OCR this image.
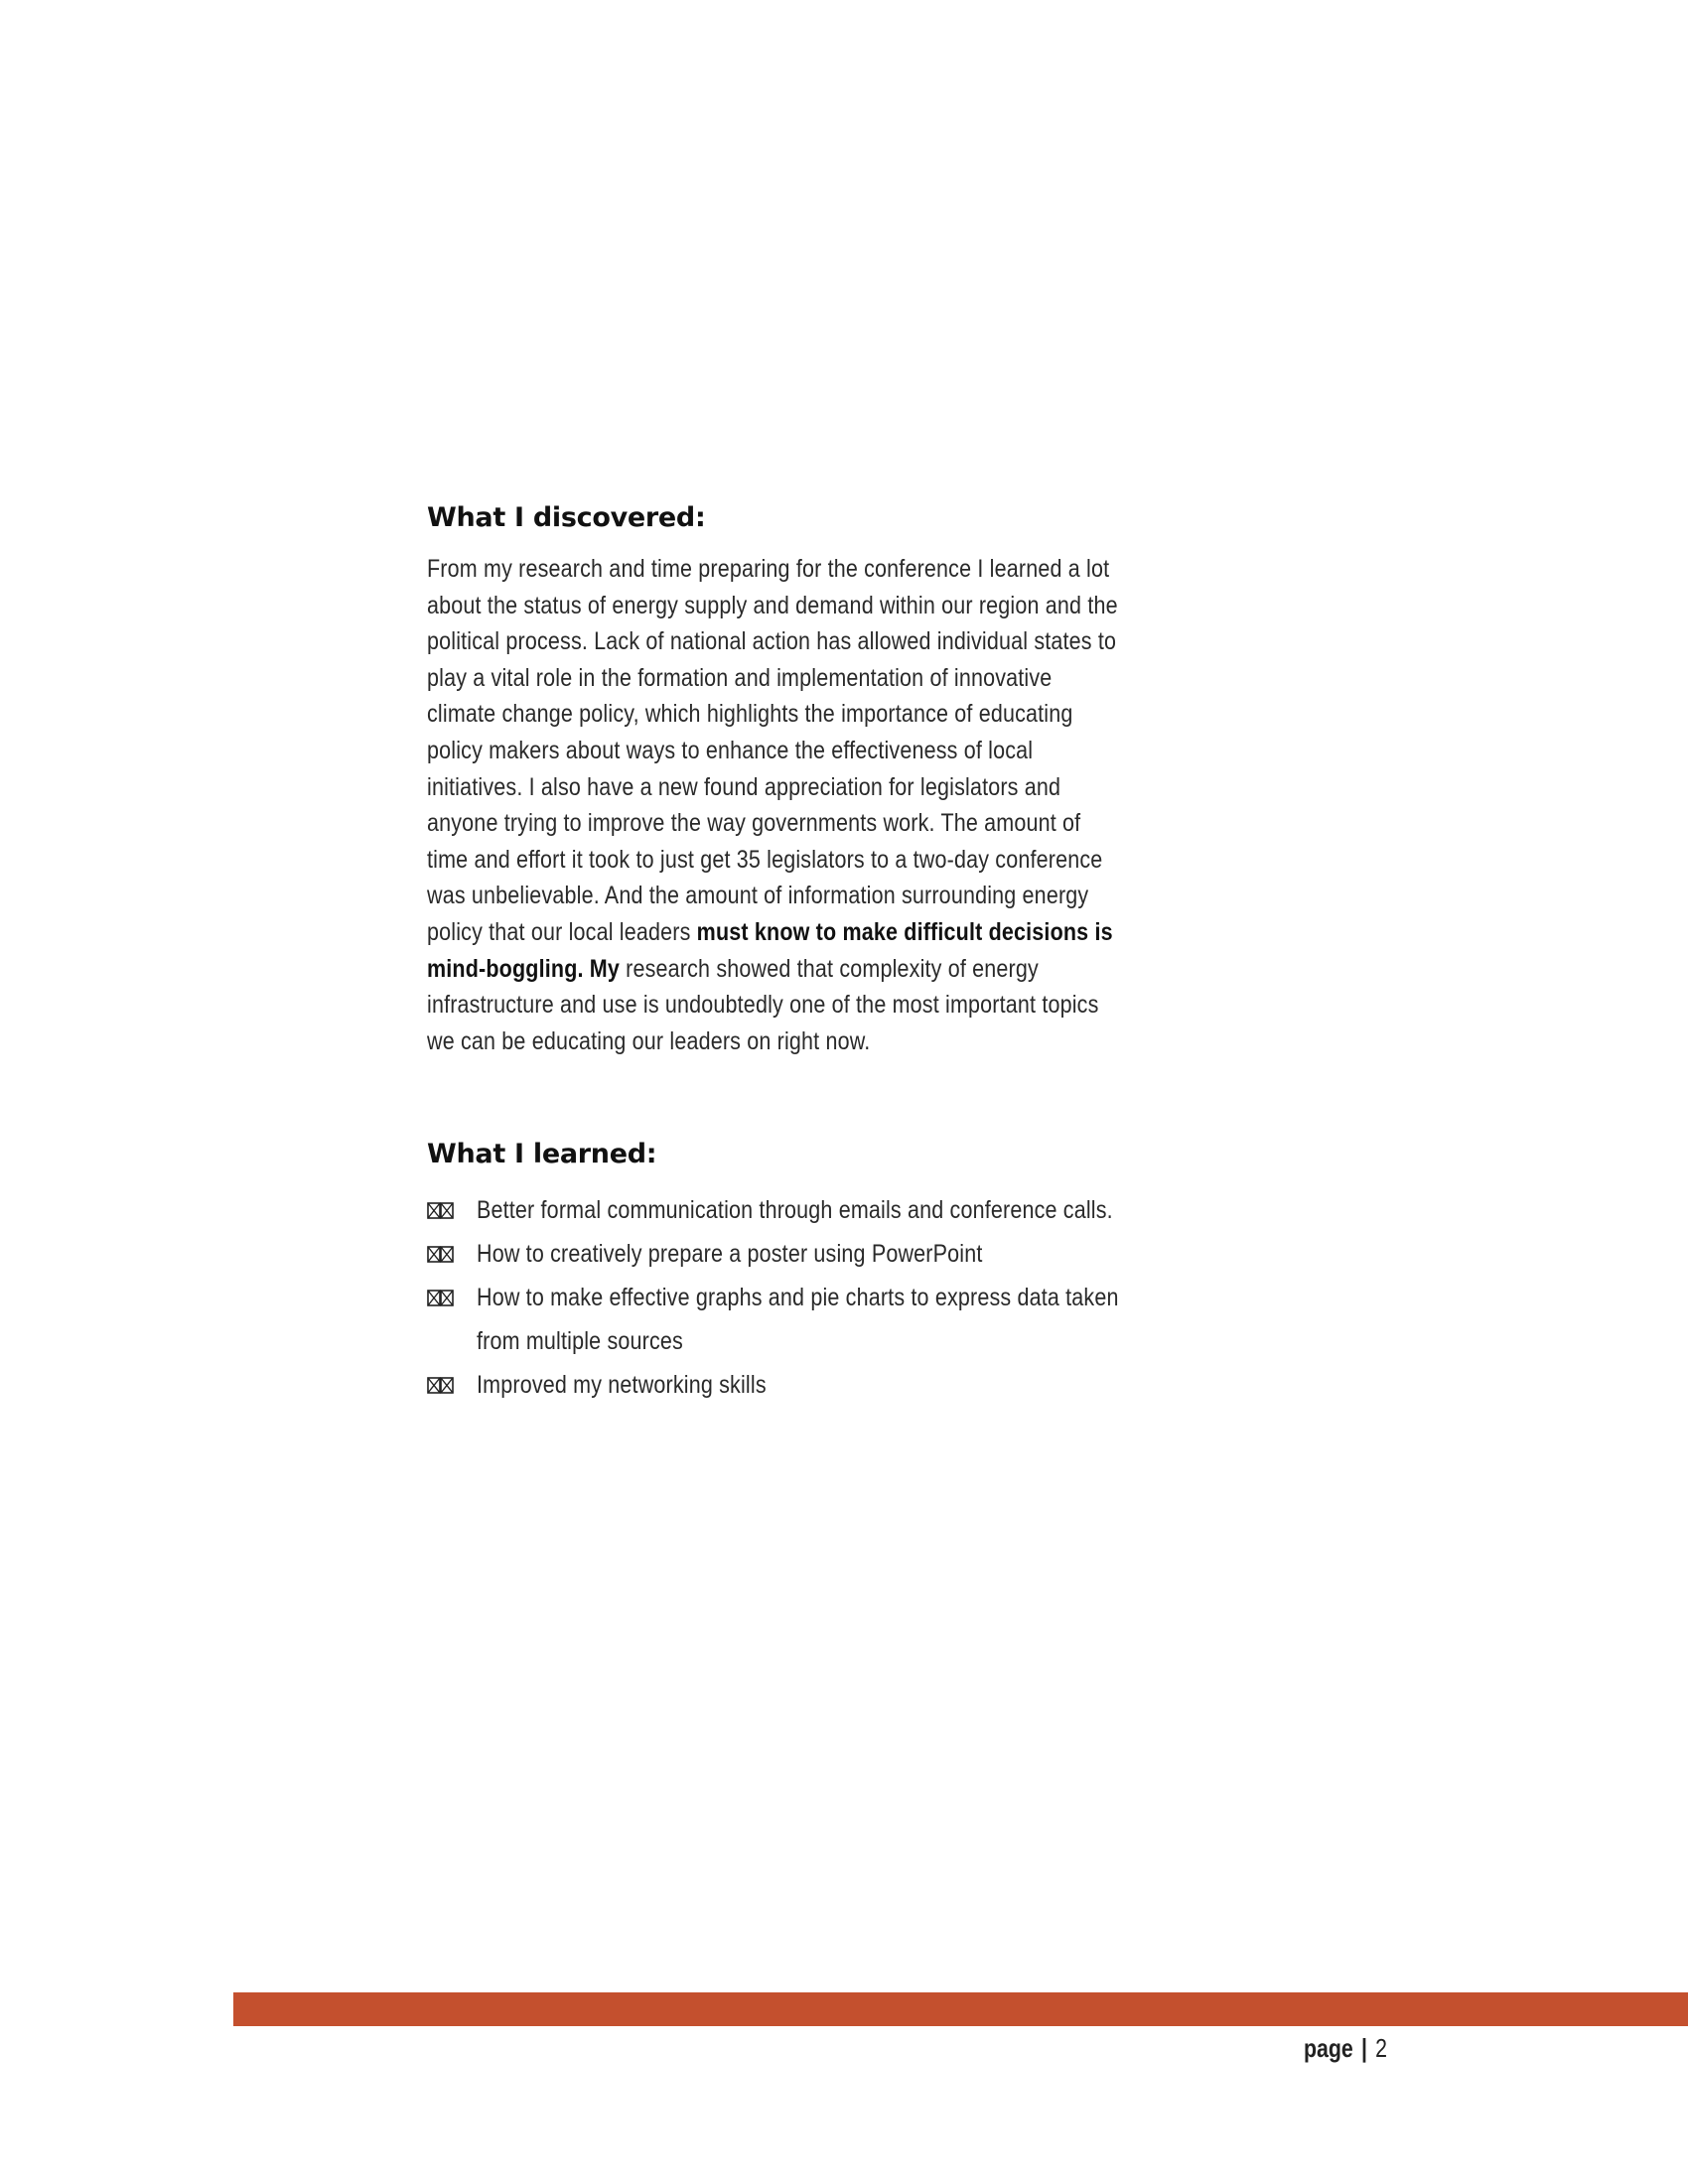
What I discovered:

From my research and time preparing for the conference I learned a lot about the status of energy supply and demand within our region and the political process. Lack of national action has allowed individual states to play a vital role in the formation and implementation of innovative climate change policy, which highlights the importance of educating policy makers about ways to enhance the effectiveness of local initiatives. I also have a new found appreciation for legislators and anyone trying to improve the way governments work. The amount of time and effort it took to just get 35 legislators to a two-day conference was unbelievable. And the amount of information surrounding energy policy that our local leaders must know to make difficult decisions is mind-boggling. My research showed that complexity of energy infrastructure and use is undoubtedly one of the most important topics we can be educating our leaders on right now.

What I learned:
Better formal communication through emails and conference calls.
How to creatively prepare a poster using PowerPoint
How to make effective graphs and pie charts to express data taken from multiple sources
Improved my networking skills
page | 2
